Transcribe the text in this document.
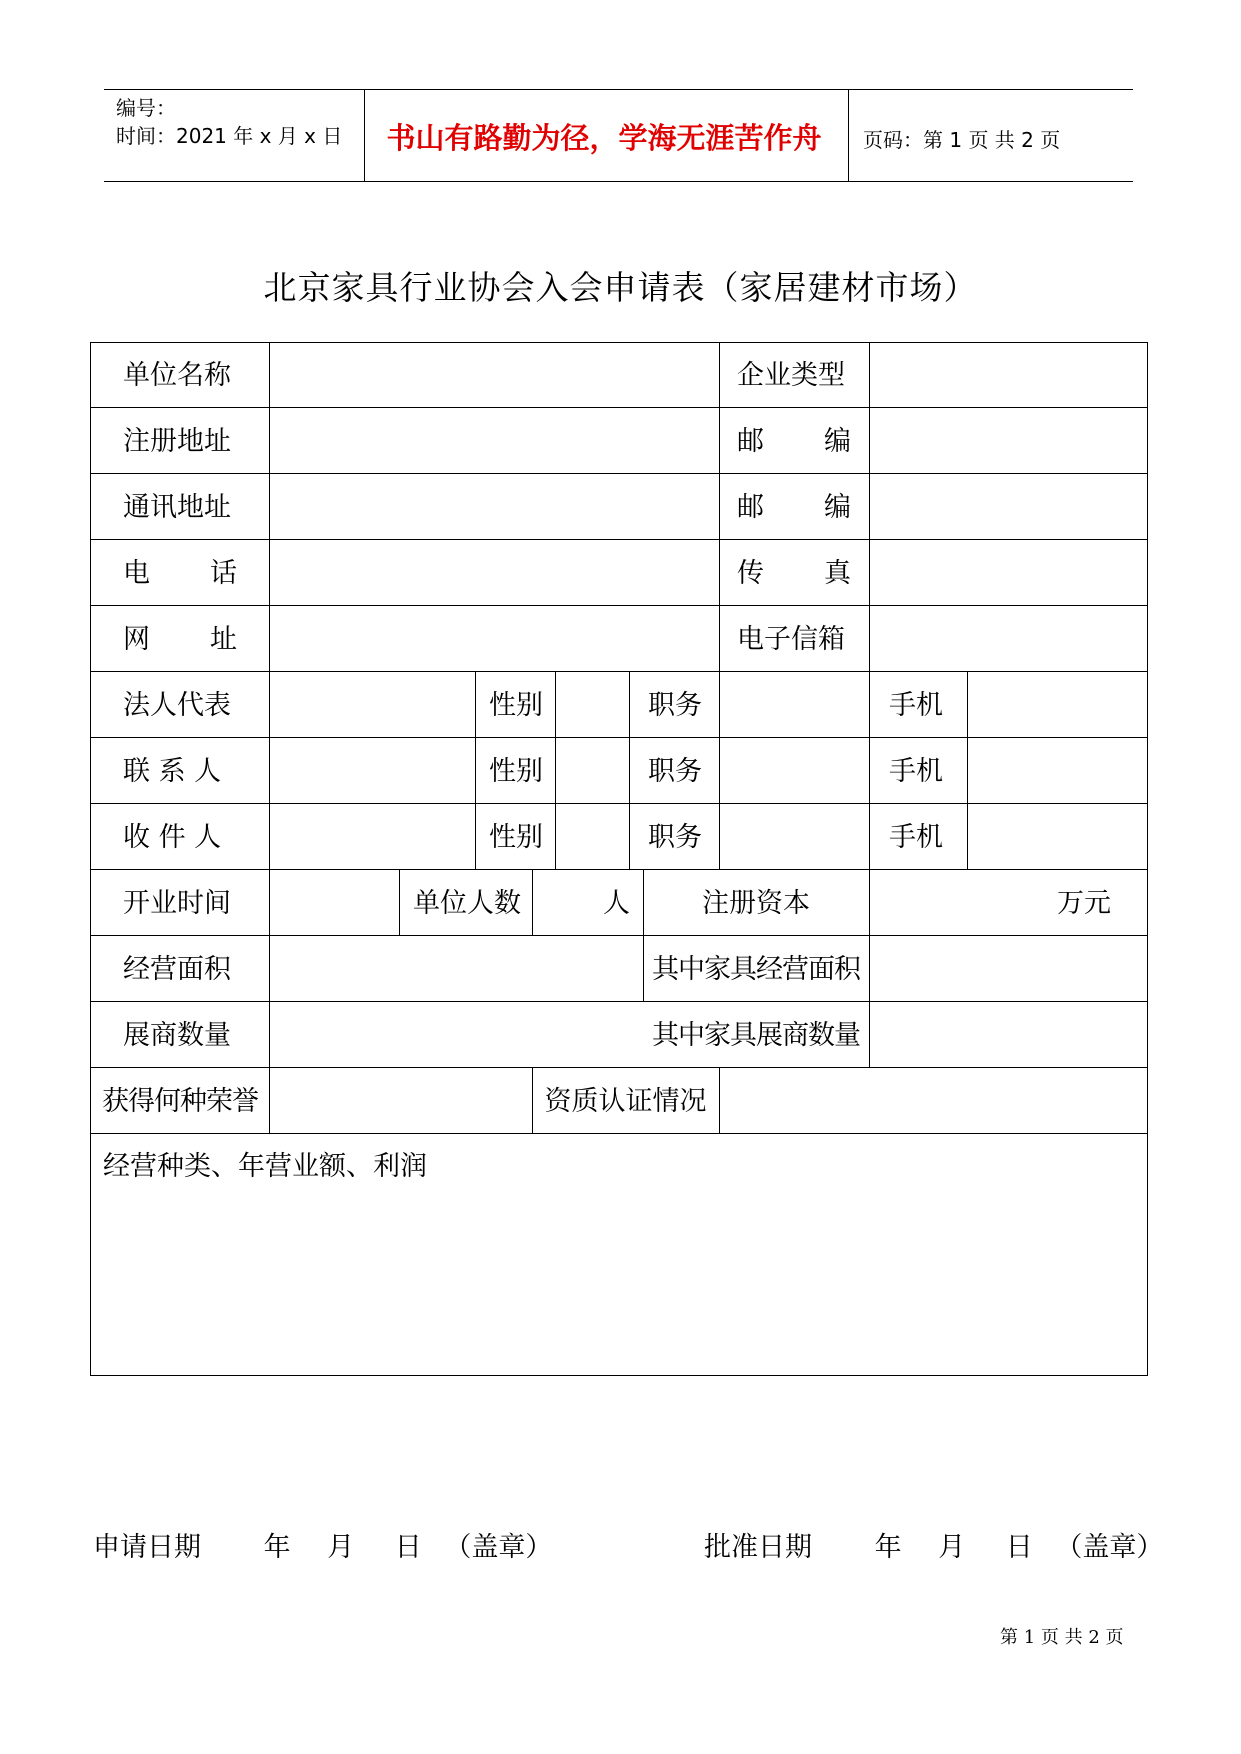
编号：
时间：2021 年 x 月 x 日	书山有路勤为径，学海无涯苦作舟	页码：第 1 页 共 2 页
北京家具行业协会入会申请表（家居建材市场）
单位名称	企业类型
注册地址	邮 编
通讯地址	邮 编
电 话	传 真
网 址	电子信箱
法人代表	性别	职务	手机
联 系 人	性别	职务	手机
收 件 人	性别	职务	手机
开业时间	单位人数	人	注册资本	万元
经营面积	其中家具经营面积
展商数量	其中家具展商数量
获得何种荣誉	资质认证情况
经营种类、年营业额、利润
申请日期 年 月 日 （盖章）	批准日期 年 月 日 （盖章）
第 1 页 共 2 页
